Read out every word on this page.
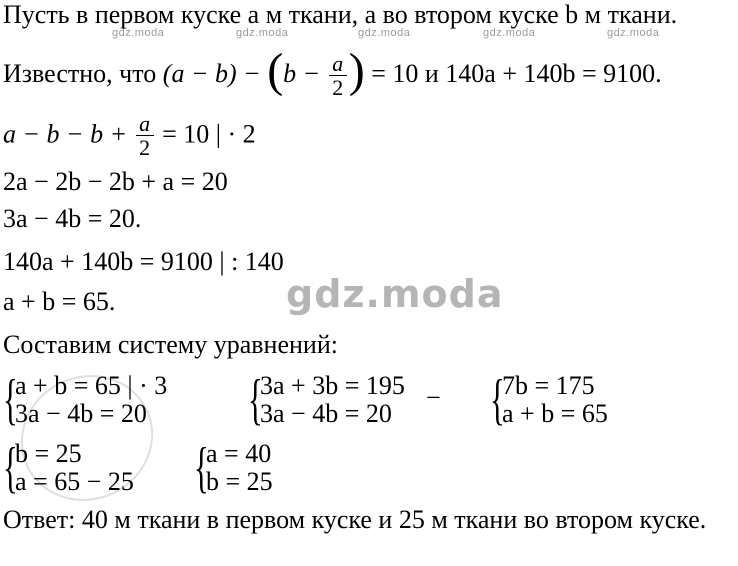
gdz.moda	gdz.moda	gdz.moda	gdz.moda	gdz.moda
gdz.moda
Пусть в первом куске a м ткани, а во втором куске b м ткани.
Известно, что $(a - b) - (b - \frac{a}{2}$ ) = 10 и 140a + 140b = 9100.
$a - b - b + \frac{a}{2} = 10$ | · 2
2a − 2b − 2b + a = 20
3a − 4b = 20.
140a + 140b = 9100 | : 140
a + b = 65.
Составим систему уравнений:
{
a + b = 65 | · 3
3a − 4b = 20 {
3a + 3b = 195
3a − 4b = 20
− {
7b = 175
a + b = 65
{
b = 25
a = 65 − 25 {
a = 40
b = 25
Ответ: 40 м ткани в первом куске и 25 м ткани во втором куске.
